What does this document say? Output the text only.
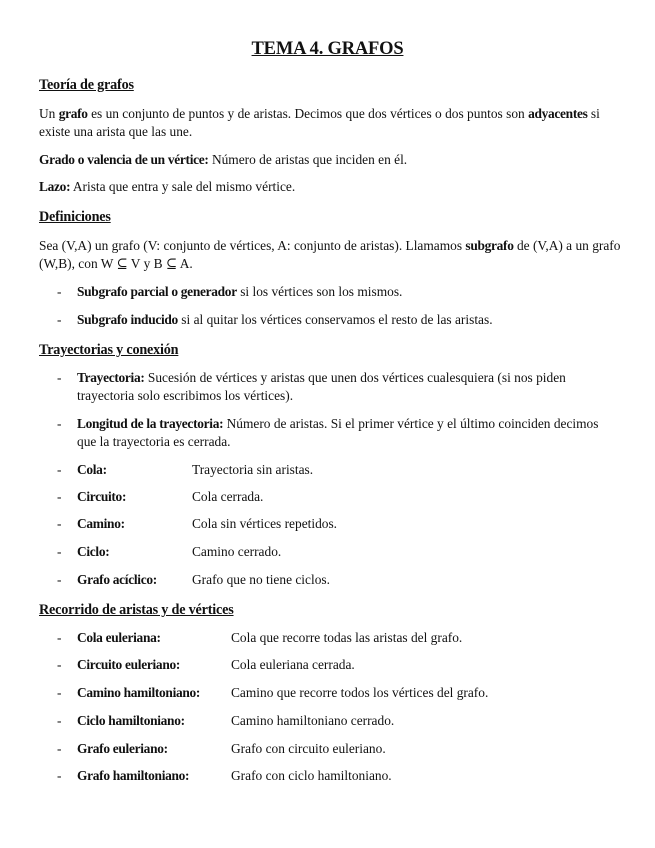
TEMA 4. GRAFOS
Teoría de grafos
Un grafo es un conjunto de puntos y de aristas. Decimos que dos vértices o dos puntos son adyacentes si existe una arista que las une.
Grado o valencia de un vértice: Número de aristas que inciden en él.
Lazo: Arista que entra y sale del mismo vértice.
Definiciones
Sea (V,A) un grafo (V: conjunto de vértices, A: conjunto de aristas). Llamamos subgrafo de (V,A) a un grafo (W,B), con W ⊆ V y B ⊆ A.
- Subgrafo parcial o generador si los vértices son los mismos.
- Subgrafo inducido si al quitar los vértices conservamos el resto de las aristas.
Trayectorias y conexión
- Trayectoria: Sucesión de vértices y aristas que unen dos vértices cualesquiera (si nos piden trayectoria solo escribimos los vértices).
- Longitud de la trayectoria: Número de aristas. Si el primer vértice y el último coinciden decimos que la trayectoria es cerrada.
- Cola:	Trayectoria sin aristas.
- Circuito:	Cola cerrada.
- Camino:	Cola sin vértices repetidos.
- Ciclo:	Camino cerrado.
- Grafo acíclico:	Grafo que no tiene ciclos.
Recorrido de aristas y de vértices
- Cola euleriana:	Cola que recorre todas las aristas del grafo.
- Circuito euleriano:	Cola euleriana cerrada.
- Camino hamiltoniano: Camino que recorre todos los vértices del grafo.
- Ciclo hamiltoniano:	Camino hamiltoniano cerrado.
- Grafo euleriano:	Grafo con circuito euleriano.
- Grafo hamiltoniano:	Grafo con ciclo hamiltoniano.
